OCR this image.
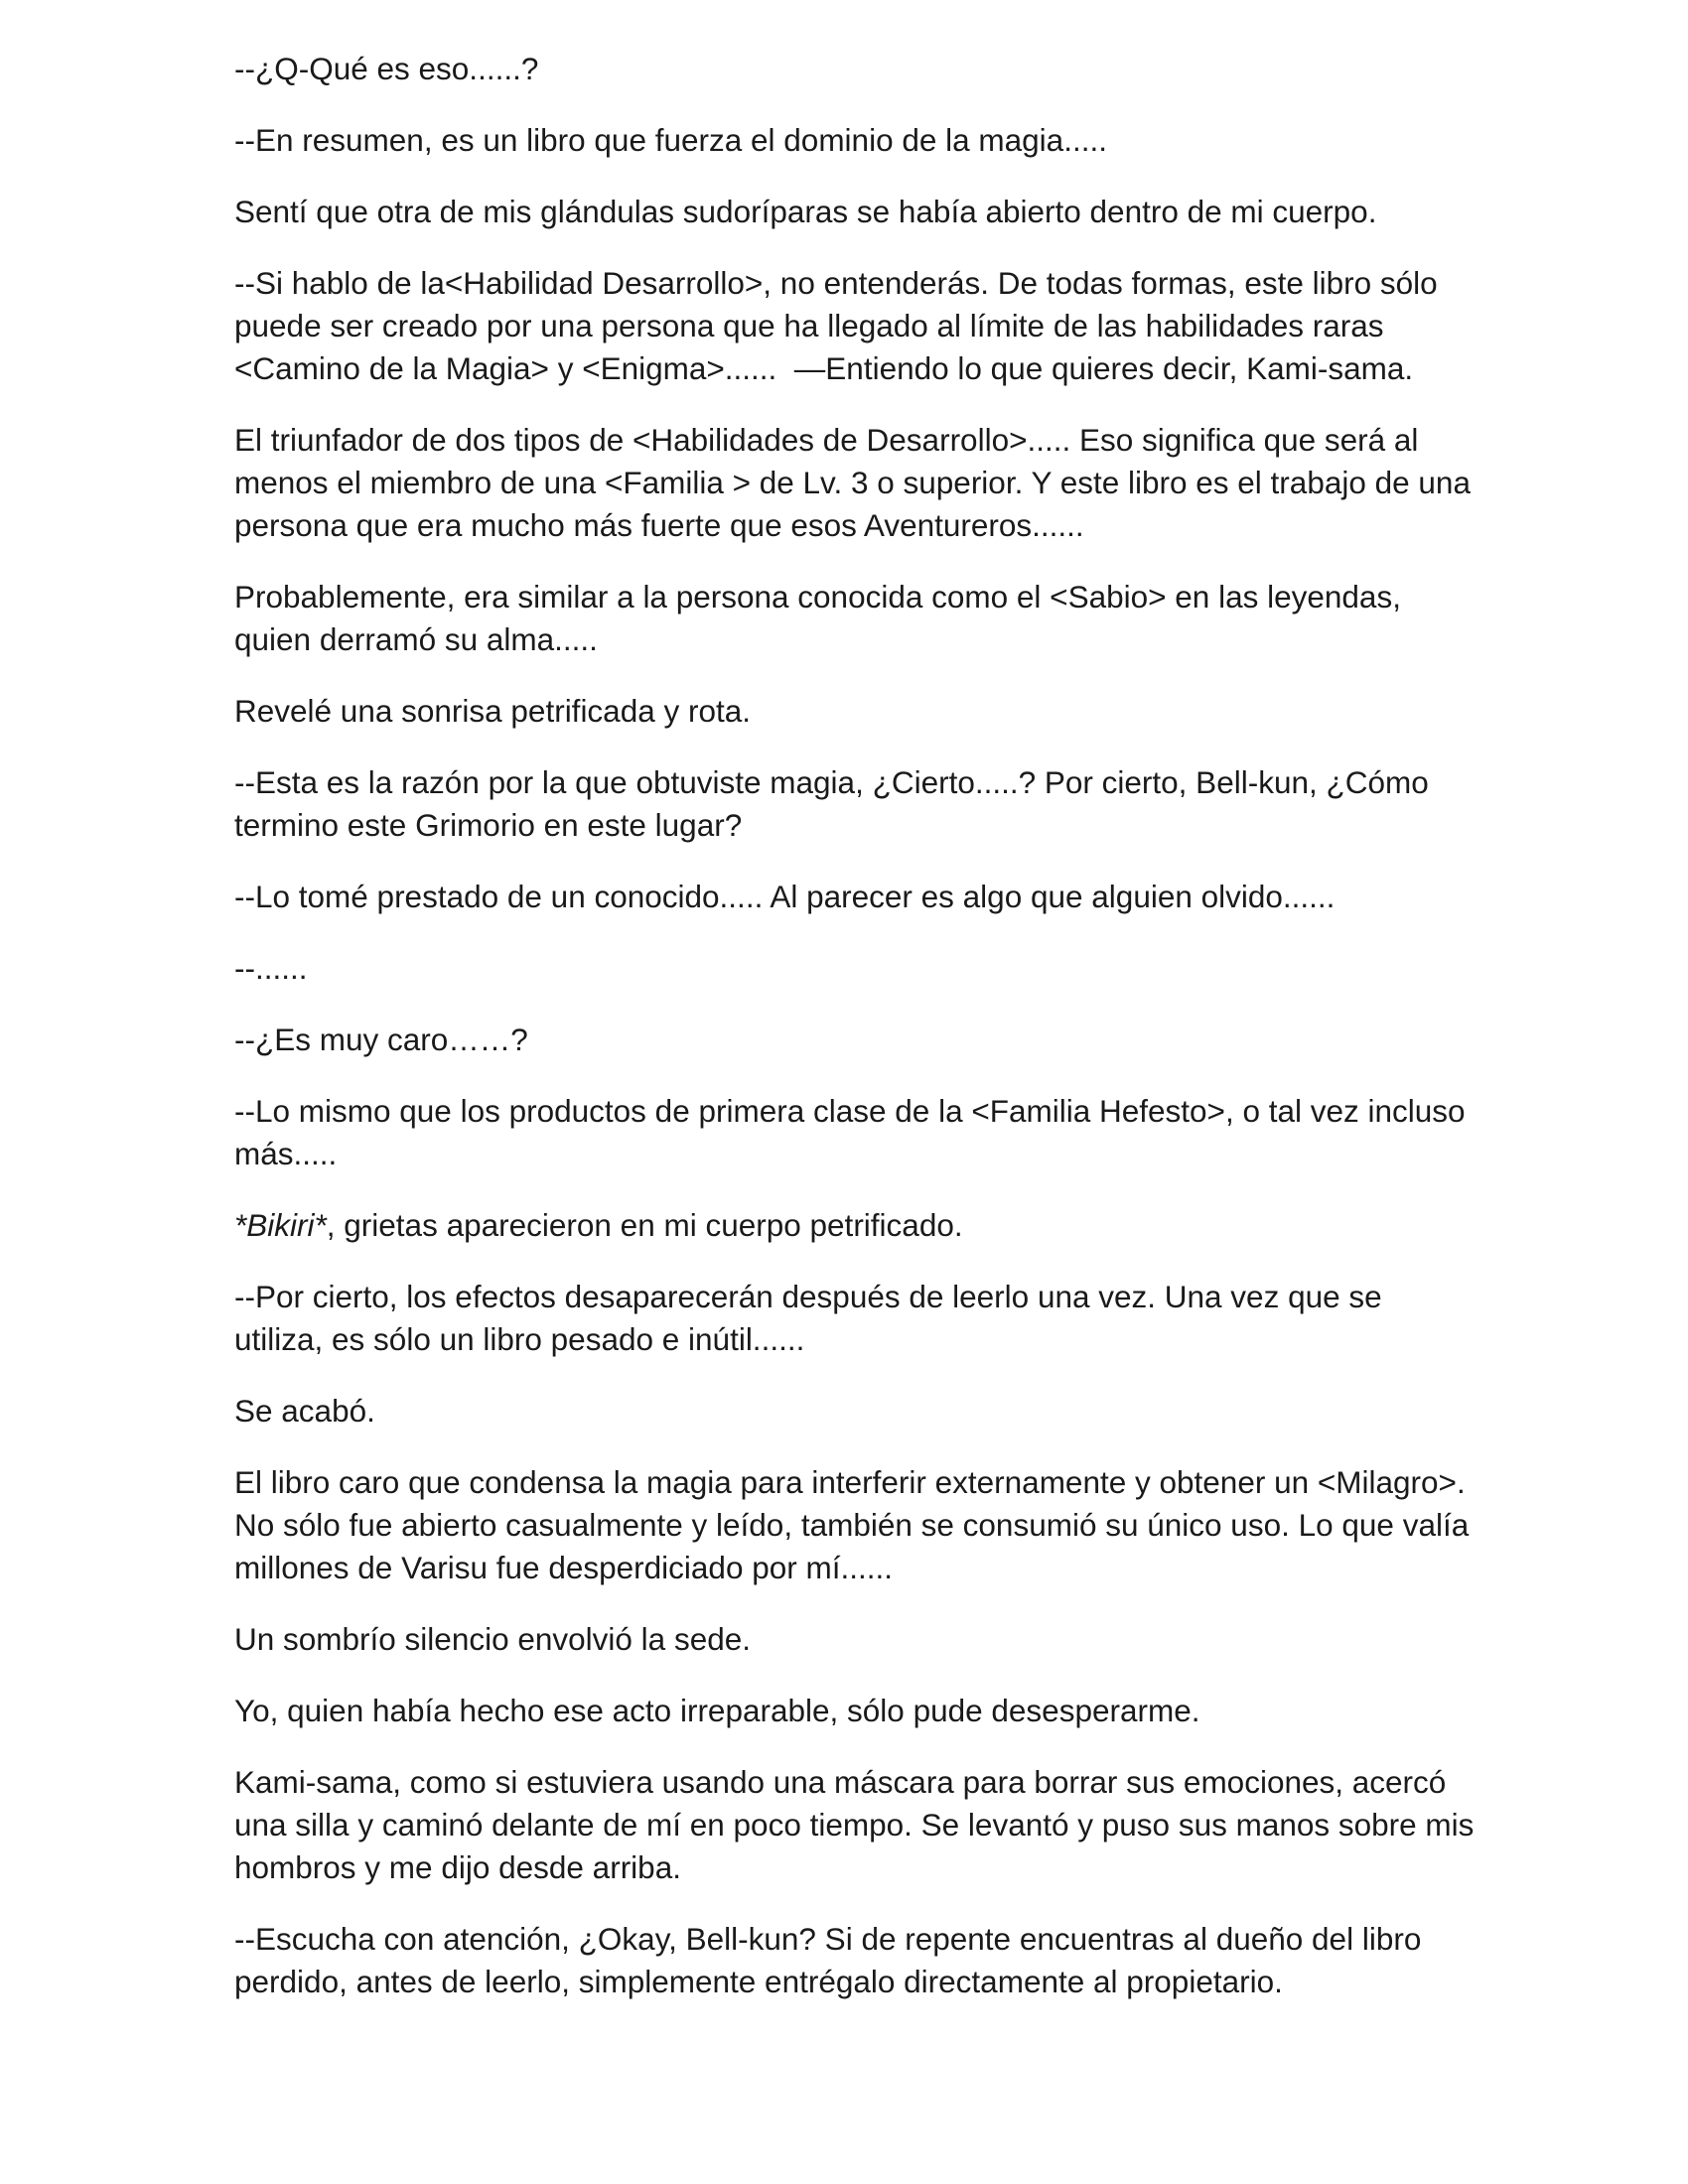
--¿Q-Qué es eso......?

--En resumen, es un libro que fuerza el dominio de la magia.....

Sentí que otra de mis glándulas sudoríparas se había abierto dentro de mi cuerpo.

--Si hablo de la<Habilidad Desarrollo>, no entenderás. De todas formas, este libro sólo puede ser creado por una persona que ha llegado al límite de las habilidades raras <Camino de la Magia> y <Enigma>......  —Entiendo lo que quieres decir, Kami-sama.

El triunfador de dos tipos de <Habilidades de Desarrollo>..... Eso significa que será al menos el miembro de una <Familia > de Lv. 3 o superior. Y este libro es el trabajo de una persona que era mucho más fuerte que esos Aventureros......

Probablemente, era similar a la persona conocida como el <Sabio> en las leyendas, quien derramó su alma.....

Revelé una sonrisa petrificada y rota.

--Esta es la razón por la que obtuviste magia, ¿Cierto.....? Por cierto, Bell-kun, ¿Cómo termino este Grimorio en este lugar?

--Lo tomé prestado de un conocido..... Al parecer es algo que alguien olvido......

--......

--¿Es muy caro……?

--Lo mismo que los productos de primera clase de la <Familia Hefesto>, o tal vez incluso más.....

*Bikiri*, grietas aparecieron en mi cuerpo petrificado.

--Por cierto, los efectos desaparecerán después de leerlo una vez. Una vez que se utiliza, es sólo un libro pesado e inútil......

Se acabó.

El libro caro que condensa la magia para interferir externamente y obtener un <Milagro>. No sólo fue abierto casualmente y leído, también se consumió su único uso. Lo que valía millones de Varisu fue desperdiciado por mí......

Un sombrío silencio envolvió la sede.

Yo, quien había hecho ese acto irreparable, sólo pude desesperarme.

Kami-sama, como si estuviera usando una máscara para borrar sus emociones, acercó una silla y caminó delante de mí en poco tiempo. Se levantó y puso sus manos sobre mis hombros y me dijo desde arriba.

--Escucha con atención, ¿Okay, Bell-kun? Si de repente encuentras al dueño del libro perdido, antes de leerlo, simplemente entrégalo directamente al propietario.
